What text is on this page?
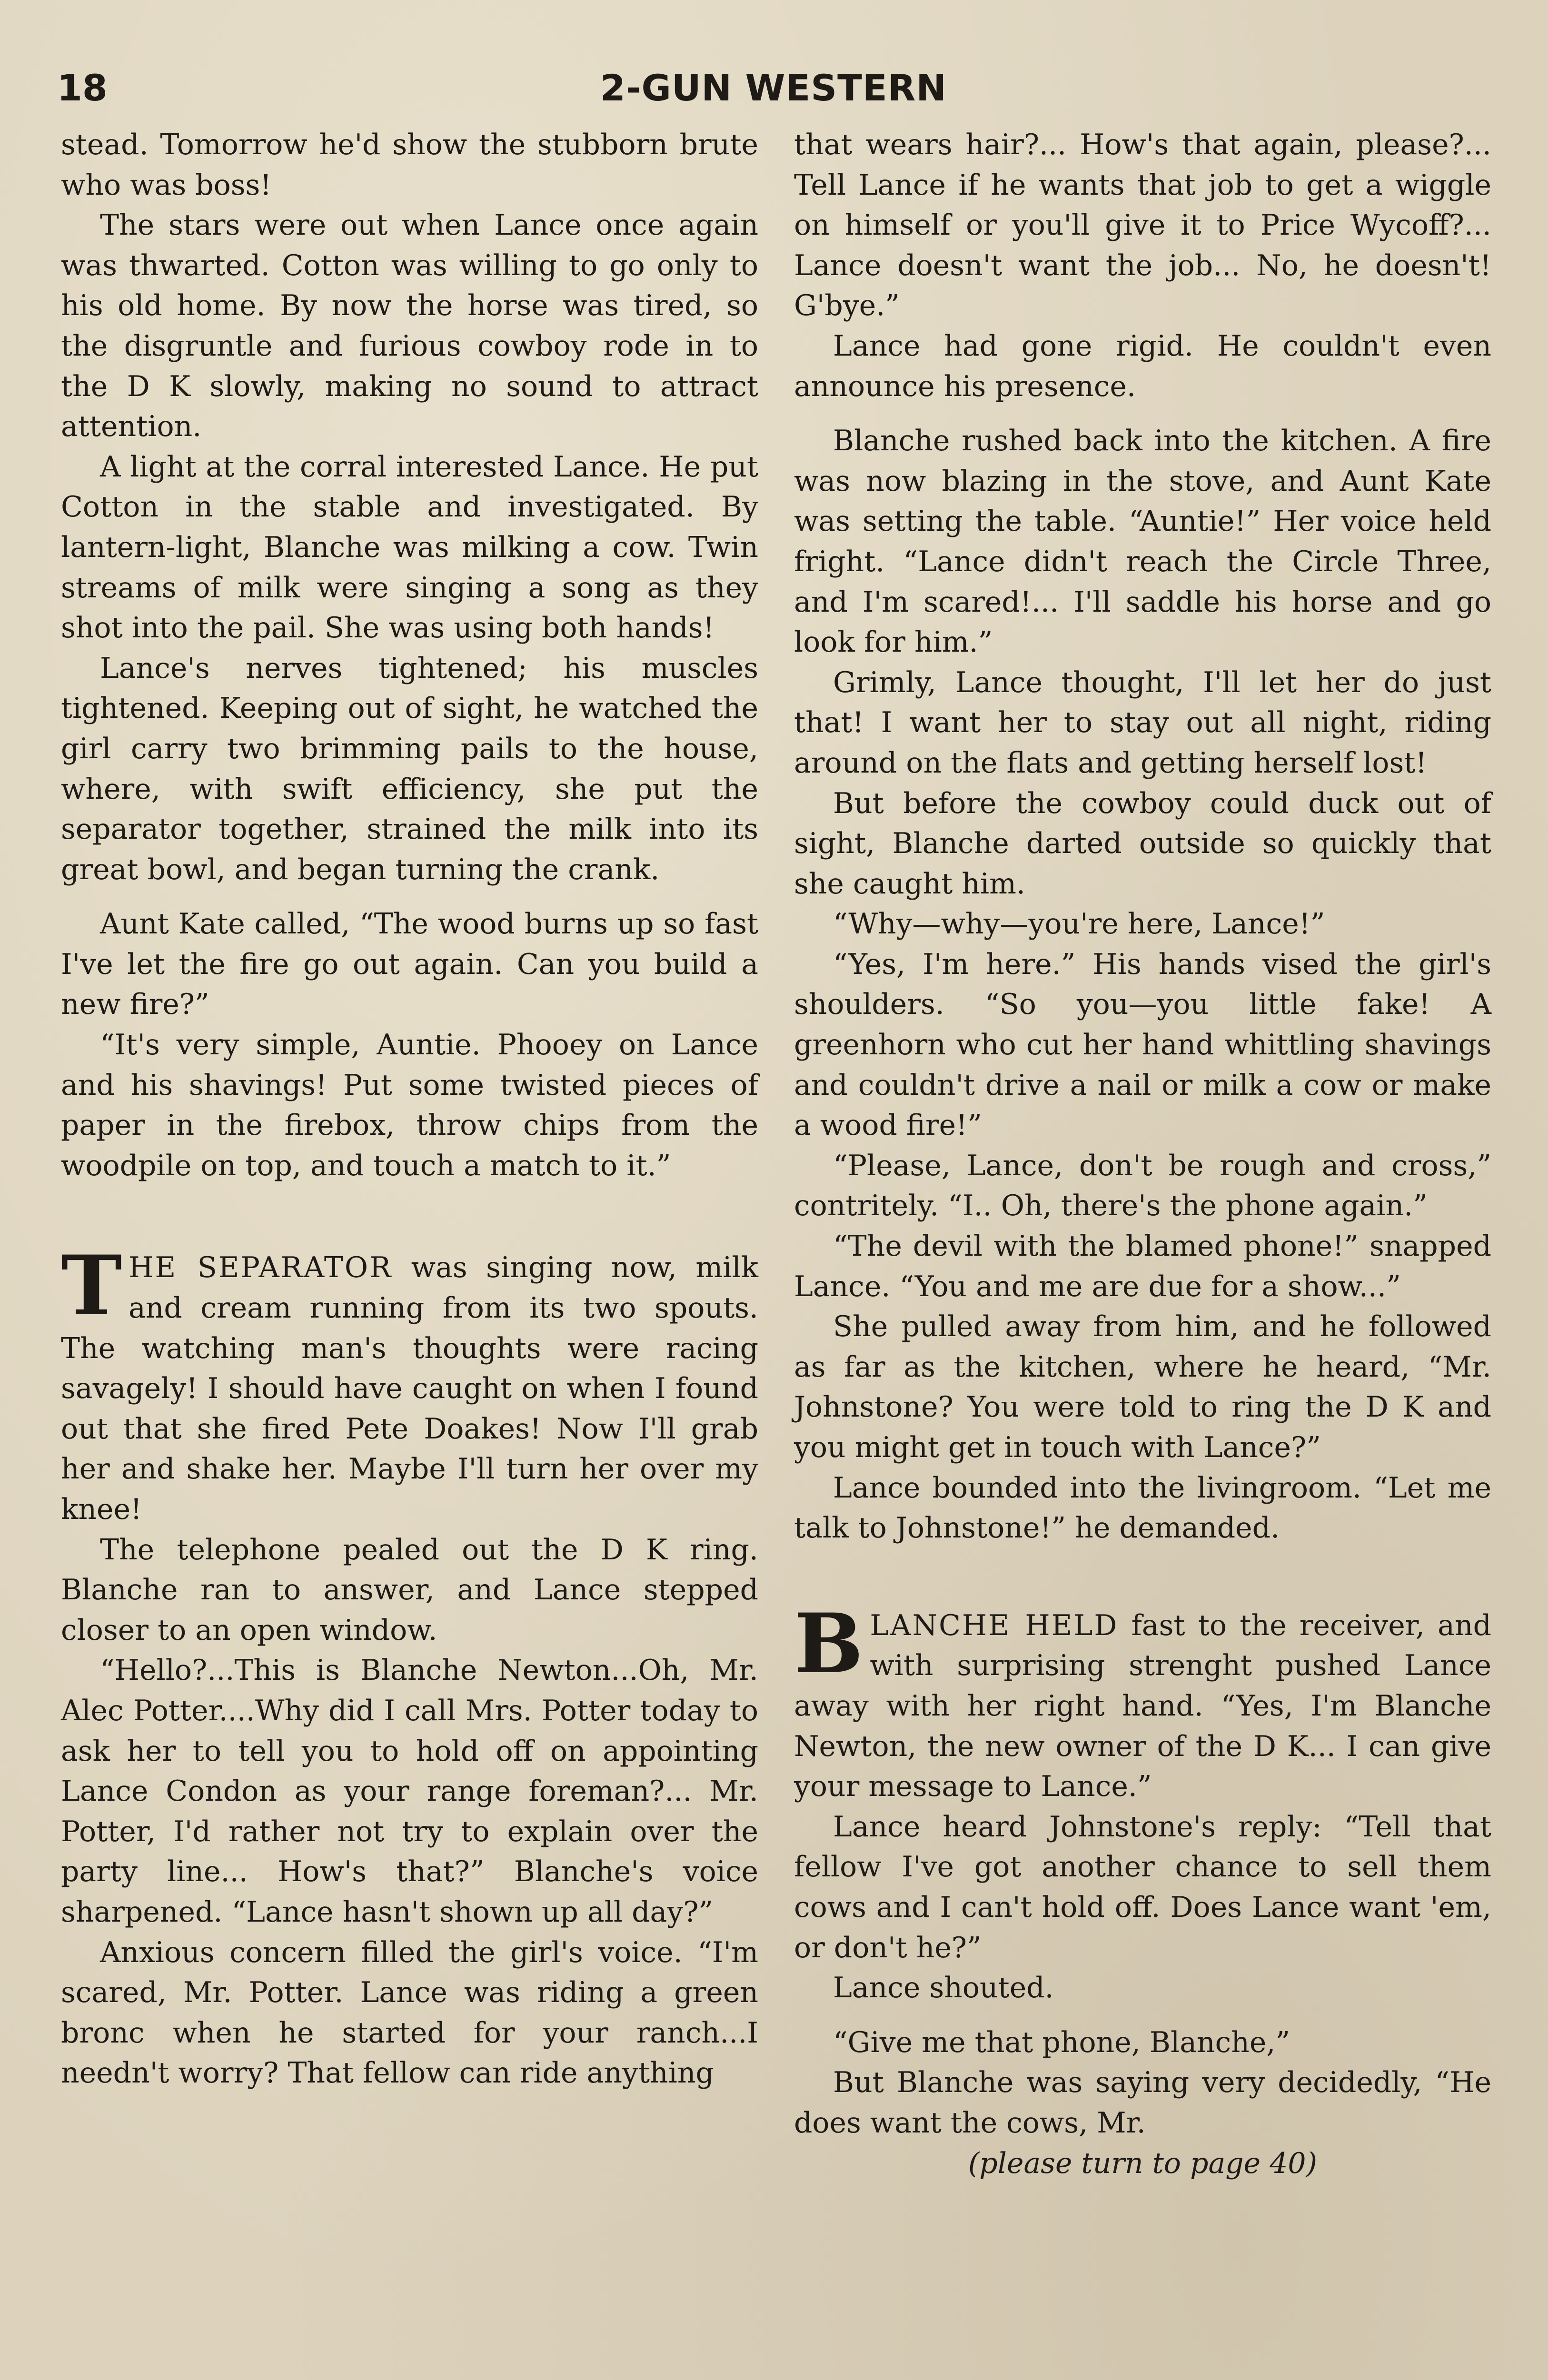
18	2-GUN WESTERN

stead. Tomorrow he'd show the stubborn brute who was boss!

The stars were out when Lance once again was thwarted. Cotton was willing to go only to his old home. By now the horse was tired, so the disgruntle and furious cowboy rode in to the D K slowly, making no sound to attract attention.

A light at the corral interested Lance. He put Cotton in the stable and investigated. By lantern-light, Blanche was milking a cow. Twin streams of milk were singing a song as they shot into the pail. She was using both hands!

Lance's nerves tightened; his muscles tightened. Keeping out of sight, he watched the girl carry two brimming pails to the house, where, with swift efficiency, she put the separator together, strained the milk into its great bowl, and began turning the crank.

Aunt Kate called, “The wood burns up so fast I've let the fire go out again. Can you build a new fire?”

“It's very simple, Auntie. Phooey on Lance and his shavings! Put some twisted pieces of paper in the firebox, throw chips from the woodpile on top, and touch a match to it.”

THE SEPARATOR was singing now, milk and cream running from its two spouts. The watching man's thoughts were racing savagely! I should have caught on when I found out that she fired Pete Doakes! Now I'll grab her and shake her. Maybe I'll turn her over my knee!

The telephone pealed out the D K ring. Blanche ran to answer, and Lance stepped closer to an open window.

“Hello?...This is Blanche Newton...Oh, Mr. Alec Potter....Why did I call Mrs. Potter today to ask her to tell you to hold off on appointing Lance Condon as your range foreman?... Mr. Potter, I'd rather not try to explain over the party line... How's that?” Blanche's voice sharpened. “Lance hasn't shown up all day?”

Anxious concern filled the girl's voice. “I'm scared, Mr. Potter. Lance was riding a green bronc when he started for your ranch...I needn't worry? That fellow can ride anything

that wears hair?... How's that again, please?... Tell Lance if he wants that job to get a wiggle on himself or you'll give it to Price Wycoff?... Lance doesn't want the job... No, he doesn't! G'bye.”

Lance had gone rigid. He couldn't even announce his presence.

Blanche rushed back into the kitchen. A fire was now blazing in the stove, and Aunt Kate was setting the table. “Auntie!” Her voice held fright. “Lance didn't reach the Circle Three, and I'm scared!... I'll saddle his horse and go look for him.”

Grimly, Lance thought, I'll let her do just that! I want her to stay out all night, riding around on the flats and getting herself lost!

But before the cowboy could duck out of sight, Blanche darted outside so quickly that she caught him.

“Why—why—you're here, Lance!”

“Yes, I'm here.” His hands vised the girl's shoulders. “So you—you little fake! A greenhorn who cut her hand whittling shavings and couldn't drive a nail or milk a cow or make a wood fire!”

“Please, Lance, don't be rough and cross,” contritely. “I.. Oh, there's the phone again.”

“The devil with the blamed phone!” snapped Lance. “You and me are due for a show...”

She pulled away from him, and he followed as far as the kitchen, where he heard, “Mr. Johnstone? You were told to ring the D K and you might get in touch with Lance?”

Lance bounded into the livingroom. “Let me talk to Johnstone!” he demanded.

BLANCHE HELD fast to the receiver, and with surprising strenght pushed Lance away with her right hand. “Yes, I'm Blanche Newton, the new owner of the D K... I can give your message to Lance.”

Lance heard Johnstone's reply: “Tell that fellow I've got another chance to sell them cows and I can't hold off. Does Lance want 'em, or don't he?”

Lance shouted.

“Give me that phone, Blanche,”

But Blanche was saying very decidedly, “He does want the cows, Mr.

(please turn to page 40)
